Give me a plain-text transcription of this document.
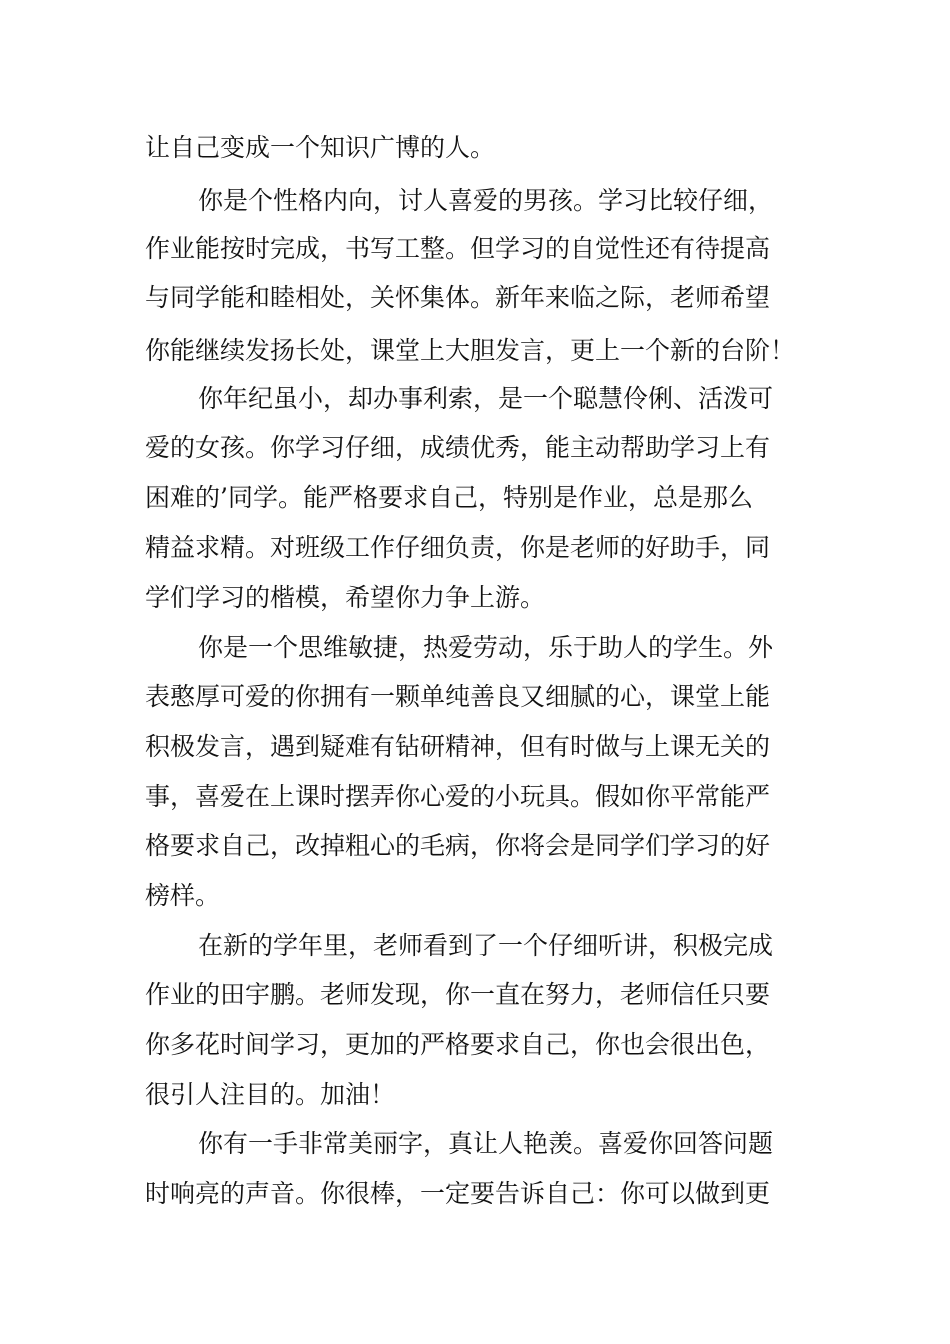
让自己变成一个知识广博的人。
你是个性格内向，讨人喜爱的男孩。学习比较仔细，
作业能按时完成，书写工整。但学习的自觉性还有待提高
与同学能和睦相处，关怀集体。新年来临之际，老师希望
你能继续发扬长处，课堂上大胆发言，更上一个新的台阶！
你年纪虽小，却办事利索，是一个聪慧伶俐、活泼可
爱的女孩。你学习仔细，成绩优秀，能主动帮助学习上有
困难的’同学。能严格要求自己，特别是作业，总是那么
精益求精。对班级工作仔细负责，你是老师的好助手，同
学们学习的楷模，希望你力争上游。
你是一个思维敏捷，热爱劳动，乐于助人的学生。外
表憨厚可爱的你拥有一颗单纯善良又细腻的心，课堂上能
积极发言，遇到疑难有钻研精神，但有时做与上课无关的
事，喜爱在上课时摆弄你心爱的小玩具。假如你平常能严
格要求自己，改掉粗心的毛病，你将会是同学们学习的好
榜样。
在新的学年里，老师看到了一个仔细听讲，积极完成
作业的田宇鹏。老师发现，你一直在努力，老师信任只要
你多花时间学习，更加的严格要求自己，你也会很出色，
很引人注目的。加油！
你有一手非常美丽字，真让人艳羡。喜爱你回答问题
时响亮的声音。你很棒，一定要告诉自己：你可以做到更
